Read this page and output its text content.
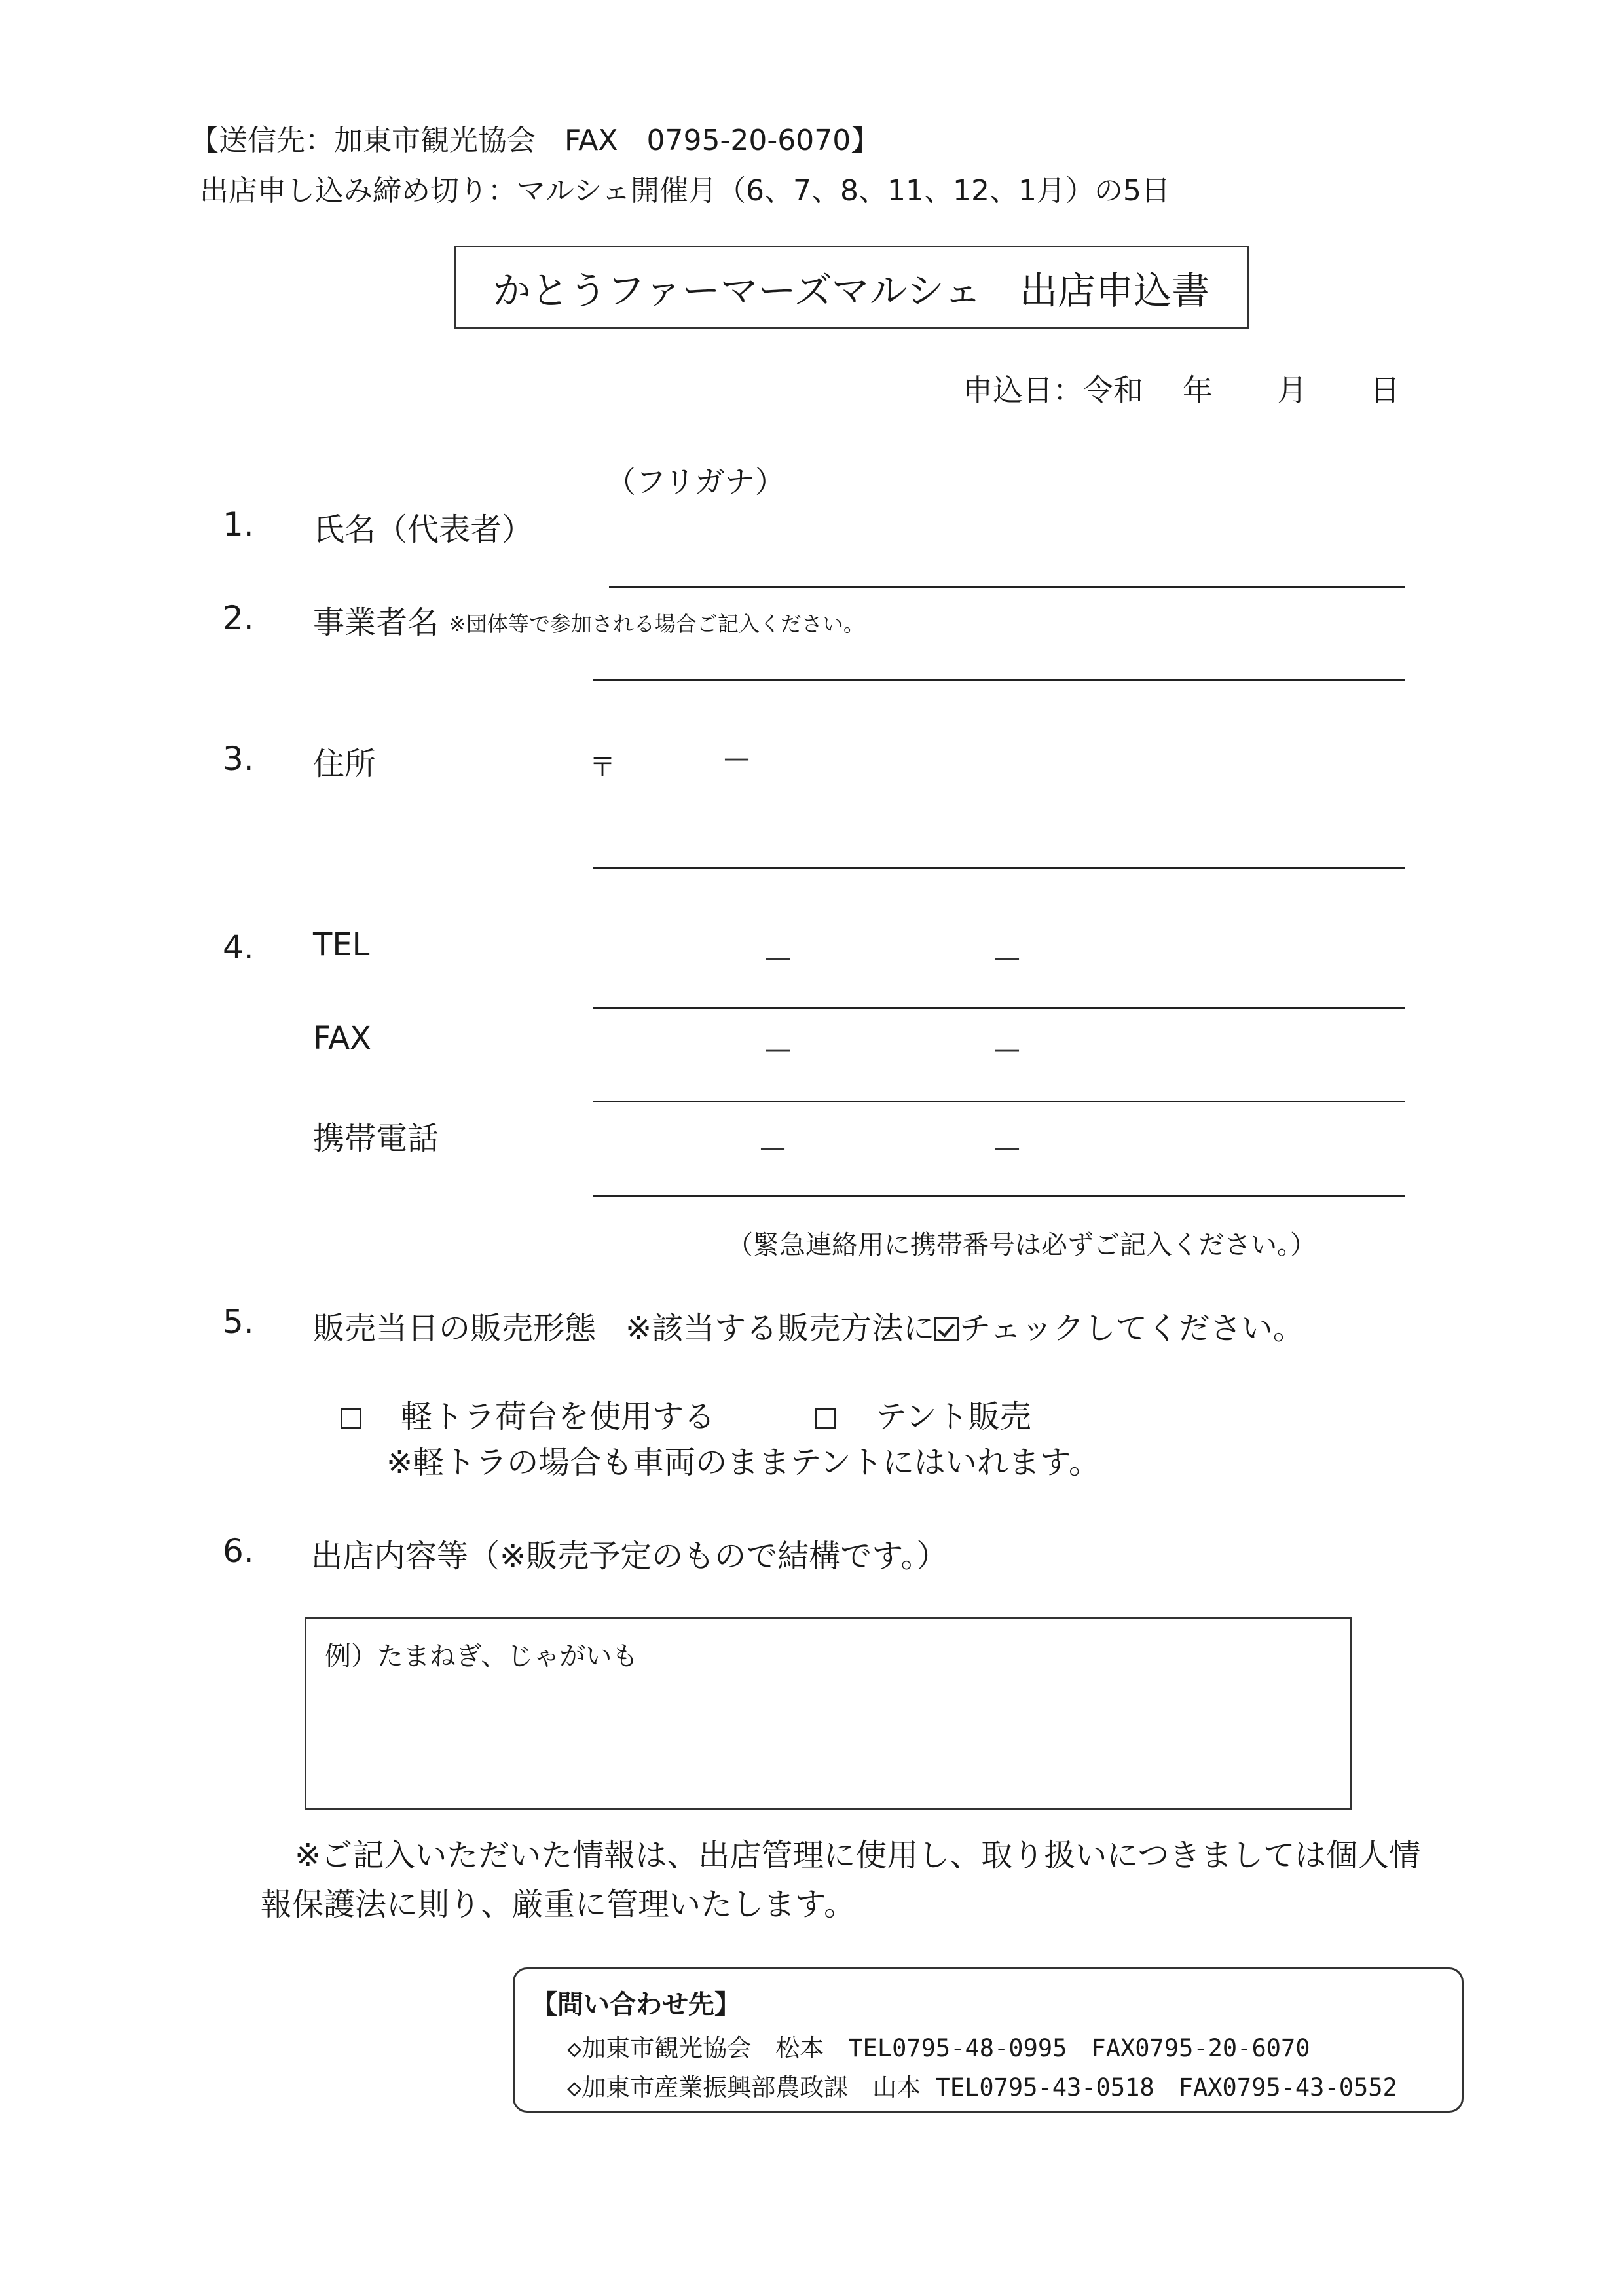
【送信先：加東市観光協会　FAX　0795-20-6070】
出店申し込み締め切り：マルシェ開催月（6、7、8、11、12、1月）の5日
かとうファーマーズマルシェ　出店申込書
申込日：令和 年 月 日
（フリガナ）
1. 氏名（代表者）
2. 事業者名 ※団体等で参加される場合ご記入ください。
3. 住所	〒	—
4. TEL	—	—
FAX	—	—
携帯電話	—	—
（緊急連絡用に携帯番号は必ずご記入ください。）
5. 販売当日の販売形態 ※該当する販売方法に チェックしてください。
軽トラ荷台を使用する	テント販売
※軽トラの場合も車両のままテントにはいれます。
6. 出店内容等（※販売予定のもので結構です。）
例）たまねぎ、じゃがいも
※ご記入いただいた情報は、出店管理に使用し、取り扱いにつきましては個人情
報保護法に則り、厳重に管理いたします。
【問い合わせ先】
◇加東市観光協会　松本　TEL0795-48-0995　FAX0795-20-6070
◇加東市産業振興部農政課　山本 TEL0795-43-0518　FAX0795-43-0552
